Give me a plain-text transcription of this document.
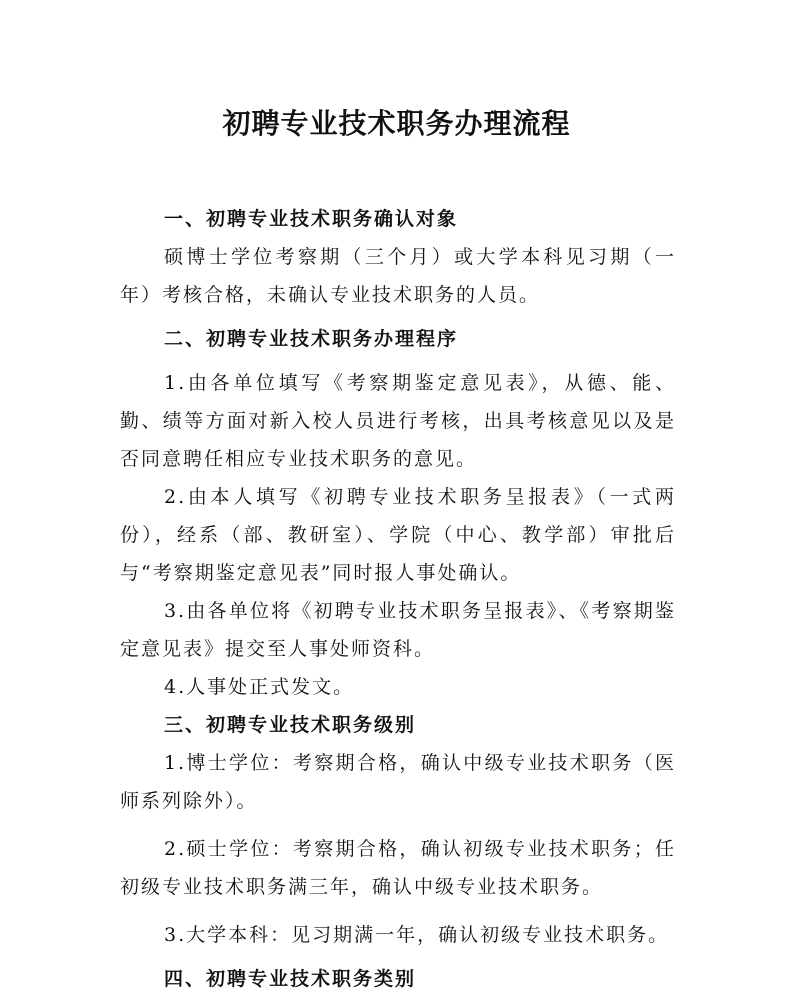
初聘专业技术职务办理流程

一、初聘专业技术职务确认对象

硕博士学位考察期（三个月）或大学本科见习期（一年）考核合格，未确认专业技术职务的人员。

二、初聘专业技术职务办理程序

1.由各单位填写《考察期鉴定意见表》，从德、能、勤、绩等方面对新入校人员进行考核，出具考核意见以及是否同意聘任相应专业技术职务的意见。

2.由本人填写《初聘专业技术职务呈报表》（一式两份），经系（部、教研室）、学院（中心、教学部）审批后与“考察期鉴定意见表”同时报人事处确认。

3.由各单位将《初聘专业技术职务呈报表》、《考察期鉴定意见表》提交至人事处师资科。

4.人事处正式发文。

三、初聘专业技术职务级别

1.博士学位：考察期合格，确认中级专业技术职务（医师系列除外）。

2.硕士学位：考察期合格，确认初级专业技术职务；任初级专业技术职务满三年，确认中级专业技术职务。

3.大学本科：见习期满一年，确认初级专业技术职务。

四、初聘专业技术职务类别
